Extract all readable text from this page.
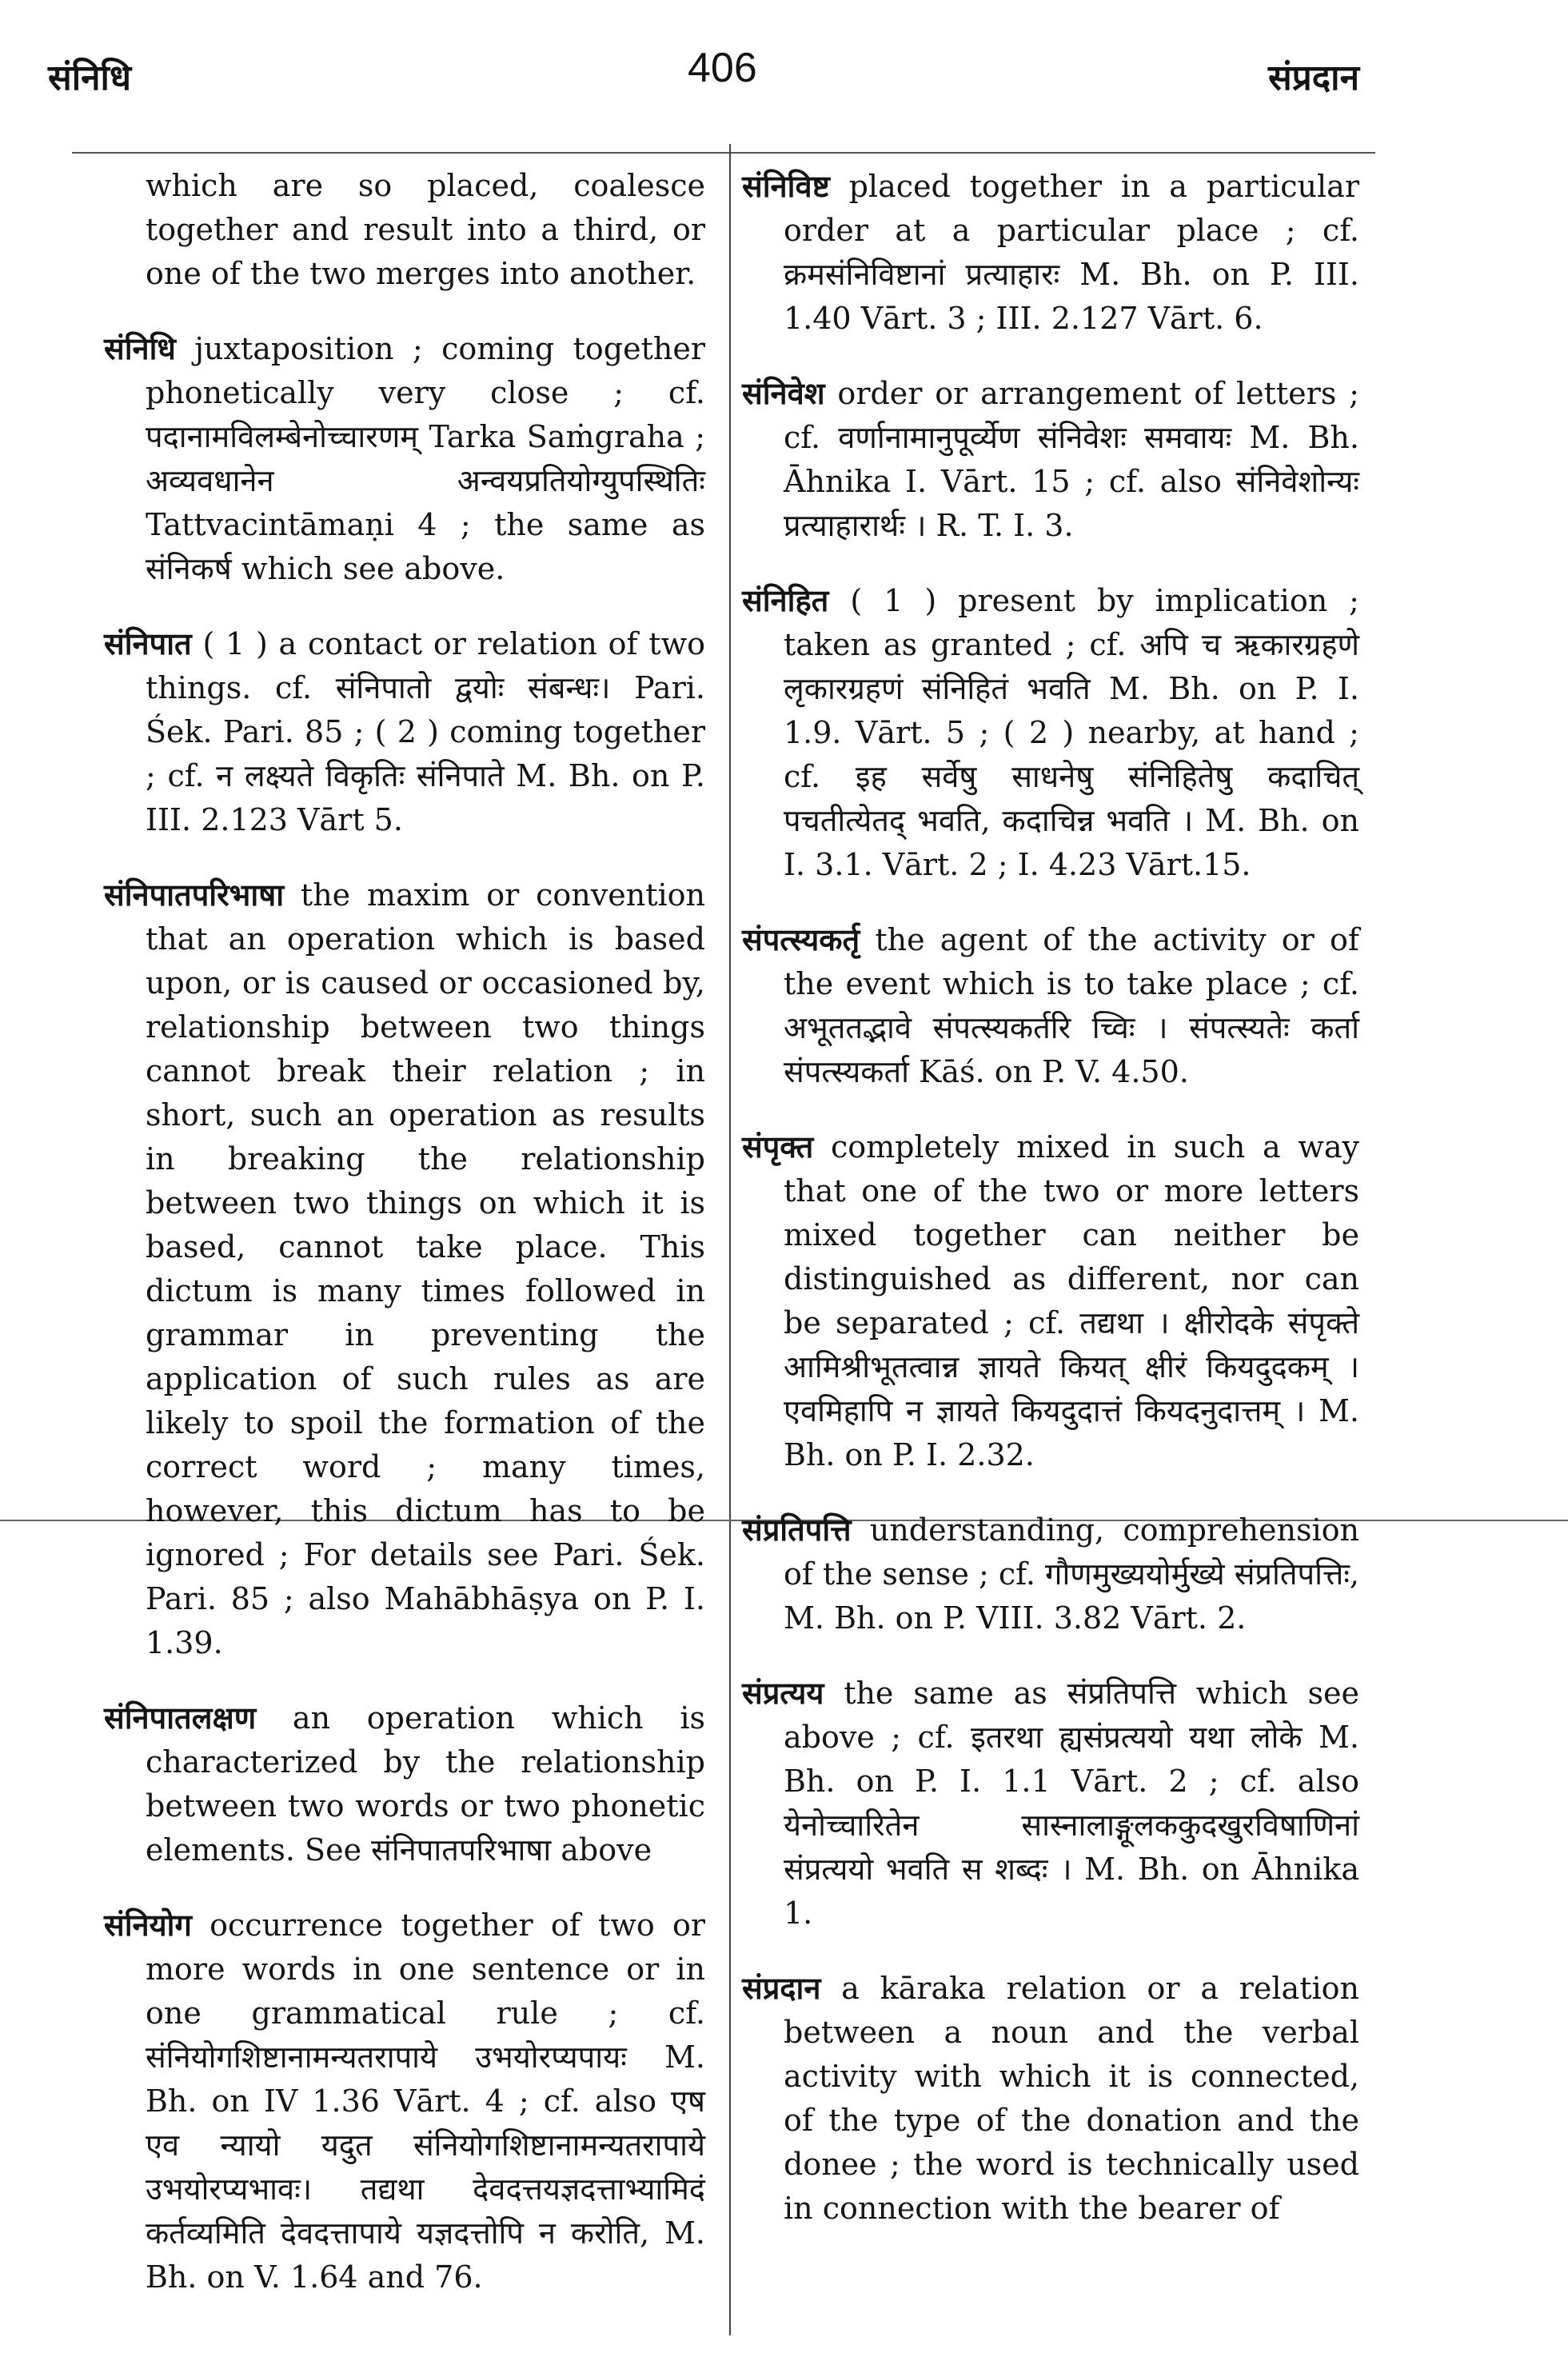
संनिधि	406	संप्रदान

which are so placed, coalesce together and result into a third, or one of the two merges into another.

संनिधि juxtaposition ; coming together phonetically very close ; cf. पदानामविलम्बेनोच्चारणम् Tarka Saṁgraha ; अव्यवधानेन अन्वयप्रतियोग्युपस्थितिः Tattvacintāmaṇi 4 ; the same as संनिकर्ष which see above.

संनिपात ( 1 ) a contact or relation of two things. cf. संनिपातो द्वयोः संबन्धः। Pari. Śek. Pari. 85 ; ( 2 ) coming together ; cf. न लक्ष्यते विकृतिः संनिपाते M. Bh. on P. III. 2.123 Vārt 5.

संनिपातपरिभाषा the maxim or convention that an operation which is based upon, or is caused or occasioned by, relationship between two things cannot break their relation ; in short, such an operation as results in breaking the relationship between two things on which it is based, cannot take place. This dictum is many times followed in grammar in preventing the application of such rules as are likely to spoil the formation of the correct word ; many times, however, this dictum has to be ignored ; For details see Pari. Śek. Pari. 85 ; also Mahābhāṣya on P. I. 1.39.

संनिपातलक्षण an operation which is characterized by the relationship between two words or two phonetic elements. See संनिपातपरिभाषा above

संनियोग occurrence together of two or more words in one sentence or in one grammatical rule ; cf. संनियोगशिष्टानामन्यतरापाये उभयोरप्यपायः M. Bh. on IV 1.36 Vārt. 4 ; cf. also एष एव न्यायो यदुत संनियोगशिष्टानामन्यतरापाये उभयोरप्यभावः। तद्यथा देवदत्तयज्ञदत्ताभ्यामिदं कर्तव्यमिति देवदत्तापाये यज्ञदत्तोपि न करोति, M. Bh. on V. 1.64 and 76.

संनिविष्ट placed together in a particular order at a particular place ; cf. क्रमसंनिविष्टानां प्रत्याहारः M. Bh. on P. III. 1.40 Vārt. 3 ; III. 2.127 Vārt. 6.

संनिवेश order or arrangement of letters ; cf. वर्णानामानुपूर्व्येण संनिवेशः समवायः M. Bh. Āhnika I. Vārt. 15 ; cf. also संनिवेशोन्यः प्रत्याहारार्थः । R. T. I. 3.

संनिहित ( 1 ) present by implication ; taken as granted ; cf. अपि च ऋकारग्रहणे लृकारग्रहणं संनिहितं भवति M. Bh. on P. I. 1.9. Vārt. 5 ; ( 2 ) nearby, at hand ; cf. इह सर्वेषु साधनेषु संनिहितेषु कदाचित् पचतीत्येतद् भवति, कदाचिन्न भवति । M. Bh. on I. 3.1. Vārt. 2 ; I. 4.23 Vārt.15.

संपत्स्यकर्तृ the agent of the activity or of the event which is to take place ; cf. अभूततद्भावे संपत्स्यकर्तरि च्विः । संपत्स्यतेः कर्ता संपत्स्यकर्ता Kāś. on P. V. 4.50.

संपृक्त completely mixed in such a way that one of the two or more letters mixed together can neither be distinguished as different, nor can be separated ; cf. तद्यथा । क्षीरोदके संपृक्ते आमिश्रीभूतत्वान्न ज्ञायते कियत् क्षीरं कियदुदकम् । एवमिहापि न ज्ञायते कियदुदात्तं कियदनुदात्तम् । M. Bh. on P. I. 2.32.

संप्रतिपत्ति understanding, comprehension of the sense ; cf. गौणमुख्ययोर्मुख्ये संप्रतिपत्तिः, M. Bh. on P. VIII. 3.82 Vārt. 2.

संप्रत्यय the same as संप्रतिपत्ति which see above ; cf. इतरथा ह्यसंप्रत्ययो यथा लोके M. Bh. on P. I. 1.1 Vārt. 2 ; cf. also येनोच्चारितेन सास्नालाङ्गूलककुदखुरविषाणिनां संप्रत्ययो भवति स शब्दः । M. Bh. on Āhnika 1.

संप्रदान a kāraka relation or a relation between a noun and the verbal activity with which it is connected, of the type of the donation and the donee ; the word is technically used in connection with the bearer of
